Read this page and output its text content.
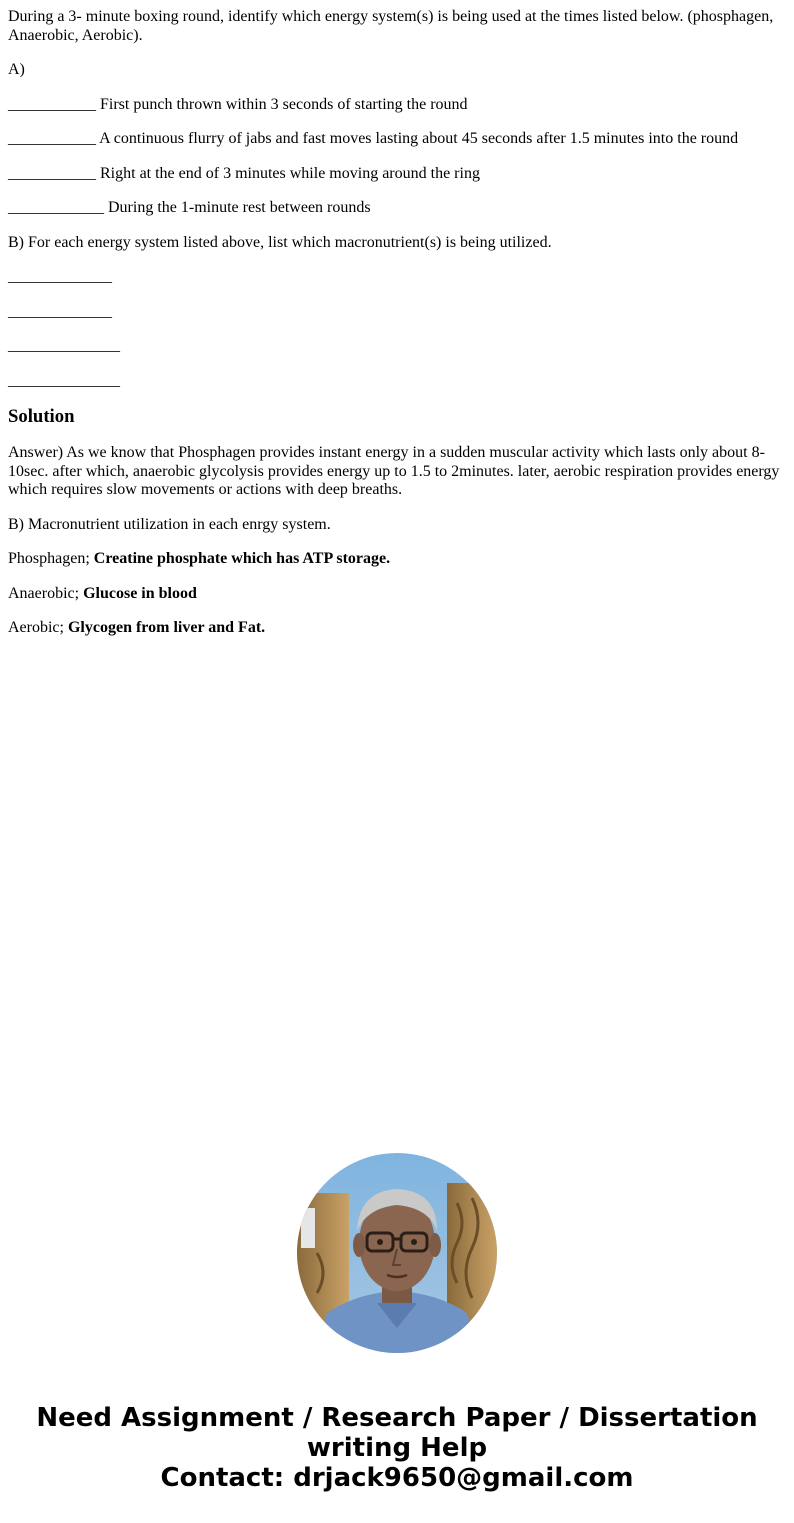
During a 3- minute boxing round, identify which energy system(s) is being used at the times listed below. (phosphagen, Anaerobic, Aerobic).

A)

___________ First punch thrown within 3 seconds of starting the round

___________ A continuous flurry of jabs and fast moves lasting about 45 seconds after 1.5 minutes into the round

___________ Right at the end of 3 minutes while moving around the ring

____________ During the 1-minute rest between rounds

B) For each energy system listed above, list which macronutrient(s) is being utilized.

_____________

_____________

______________

______________

Solution

Answer) As we know that Phosphagen provides instant energy in a sudden muscular activity which lasts only about 8-10sec. after which, anaerobic glycolysis provides energy up to 1.5 to 2minutes. later, aerobic respiration provides energy which requires slow movements or actions with deep breaths.

B) Macronutrient utilization in each enrgy system.

Phosphagen; Creatine phosphate which has ATP storage.

Anaerobic; Glucose in blood

Aerobic; Glycogen from liver and Fat.

Need Assignment / Research Paper / Dissertation writing Help
Contact: drjack9650@gmail.com
